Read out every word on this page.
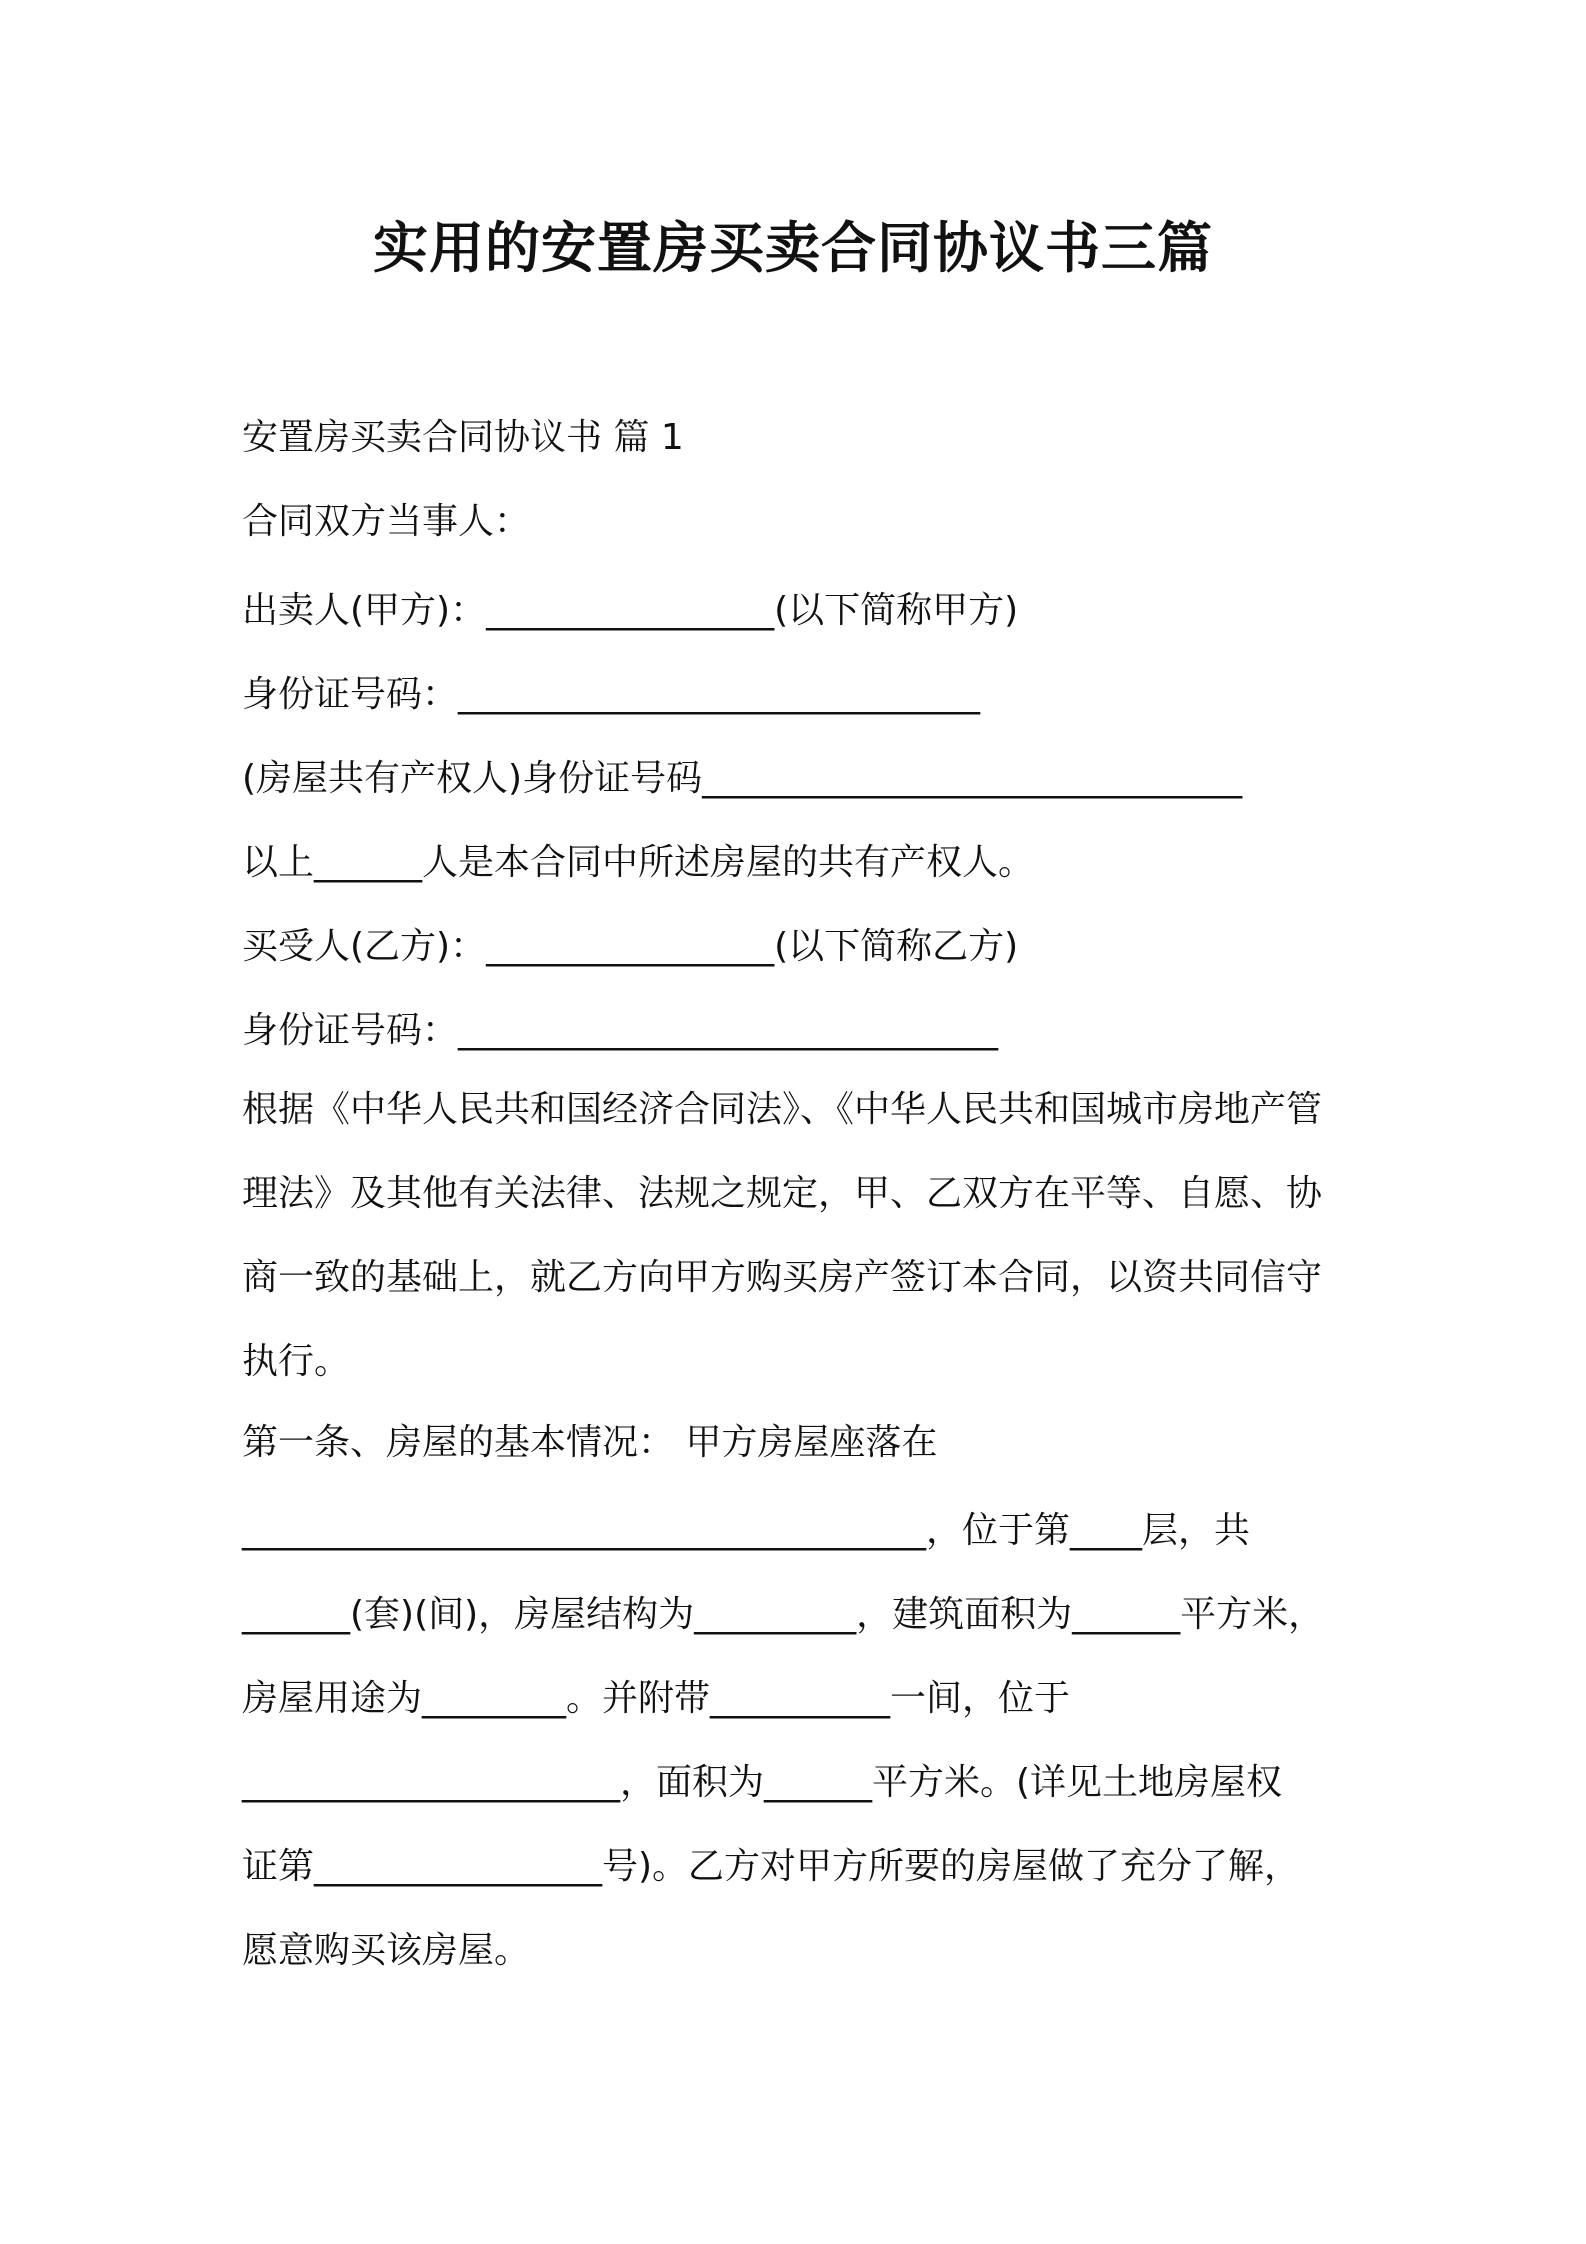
实用的安置房买卖合同协议书三篇

安置房买卖合同协议书 篇 1

合同双方当事人：

出卖人(甲方)：________________(以下简称甲方)

身份证号码：_____________________________

(房屋共有产权人)身份证号码______________________________

以上______人是本合同中所述房屋的共有产权人。

买受人(乙方)：________________(以下简称乙方)

身份证号码：______________________________

根据《中华人民共和国经济合同法》、《中华人民共和国城市房地产管
理法》及其他有关法律、法规之规定，甲、乙双方在平等、自愿、协
商一致的基础上，就乙方向甲方购买房产签订本合同，以资共同信守
执行。

第一条、房屋的基本情况： 甲方房屋座落在

______________________________________，位于第____层，共
______(套)(间)，房屋结构为_________，建筑面积为______平方米，
房屋用途为________。并附带__________一间，位于
_____________________，面积为______平方米。(详见土地房屋权
证第________________号)。乙方对甲方所要的房屋做了充分了解，
愿意购买该房屋。
